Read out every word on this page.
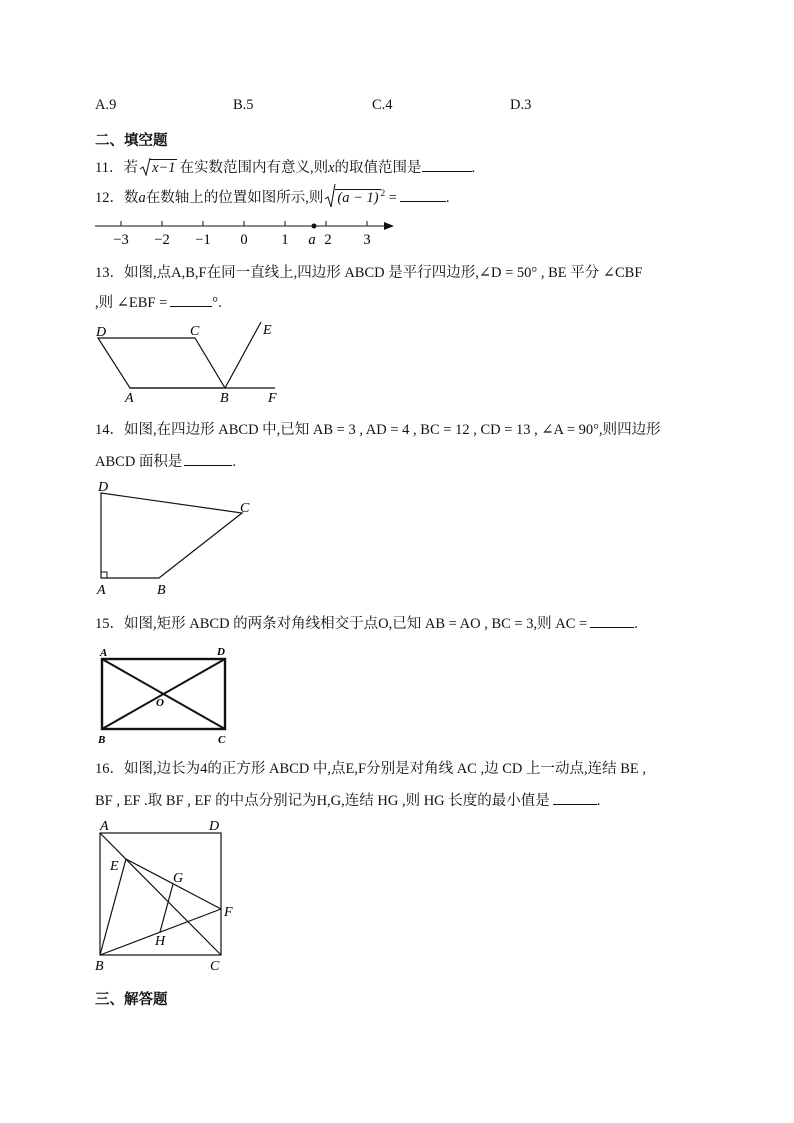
A.9	B.5	C.4	D.3
二、填空题
11．若 x−1 在实数范围内有意义,则x的取值范围是	.
12．数a在数轴上的位置如图所示,则 (a − 1) $^2$ =	.
−3 −2 −1 0 1 2 3
a
13．如图,点A,B,F在同一直线上,四边形 ABCD 是平行四边形,∠D = 50° , BE 平分 ∠CBF
,则 ∠EBF =	°.
D	C	E
A	B	F
14．如图,在四边形 ABCD 中,已知 AB = 3 , AD = 4 , BC = 12 , CD = 13 , ∠A = 90°,则四边形
ABCD 面积是	.
D
C
A	B
15．如图,矩形 ABCD 的两条对角线相交于点O,已知 AB = AO , BC = 3,则 AC =	.
A	D
O
B	C
16．如图,边长为4的正方形 ABCD 中,点E,F分别是对角线 AC ,边 CD 上一动点,连结 BE ,
BF , EF .取 BF , EF 的中点分别记为H,G,连结 HG ,则 HG 长度的最小值是	.
A	D
E
G
F
H
B	C
三、解答题
